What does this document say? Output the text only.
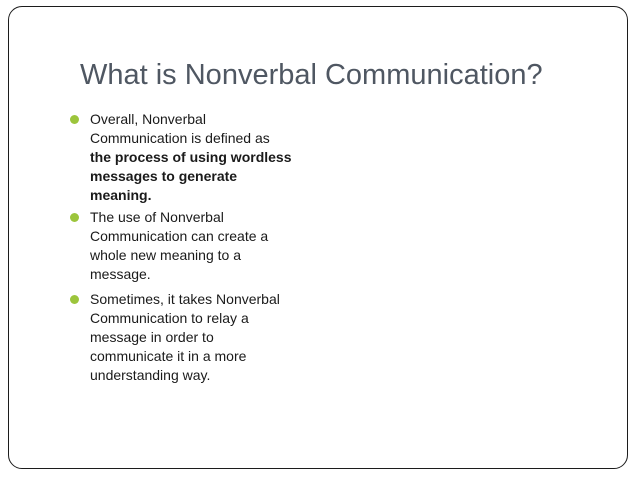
What is Nonverbal Communication?
Overall, Nonverbal
Communication is defined as
the process of using wordless
messages to generate
meaning.
The use of Nonverbal
Communication can create a
whole new meaning to a
message.
Sometimes, it takes Nonverbal
Communication to relay a
message in order to
communicate it in a more
understanding way.
